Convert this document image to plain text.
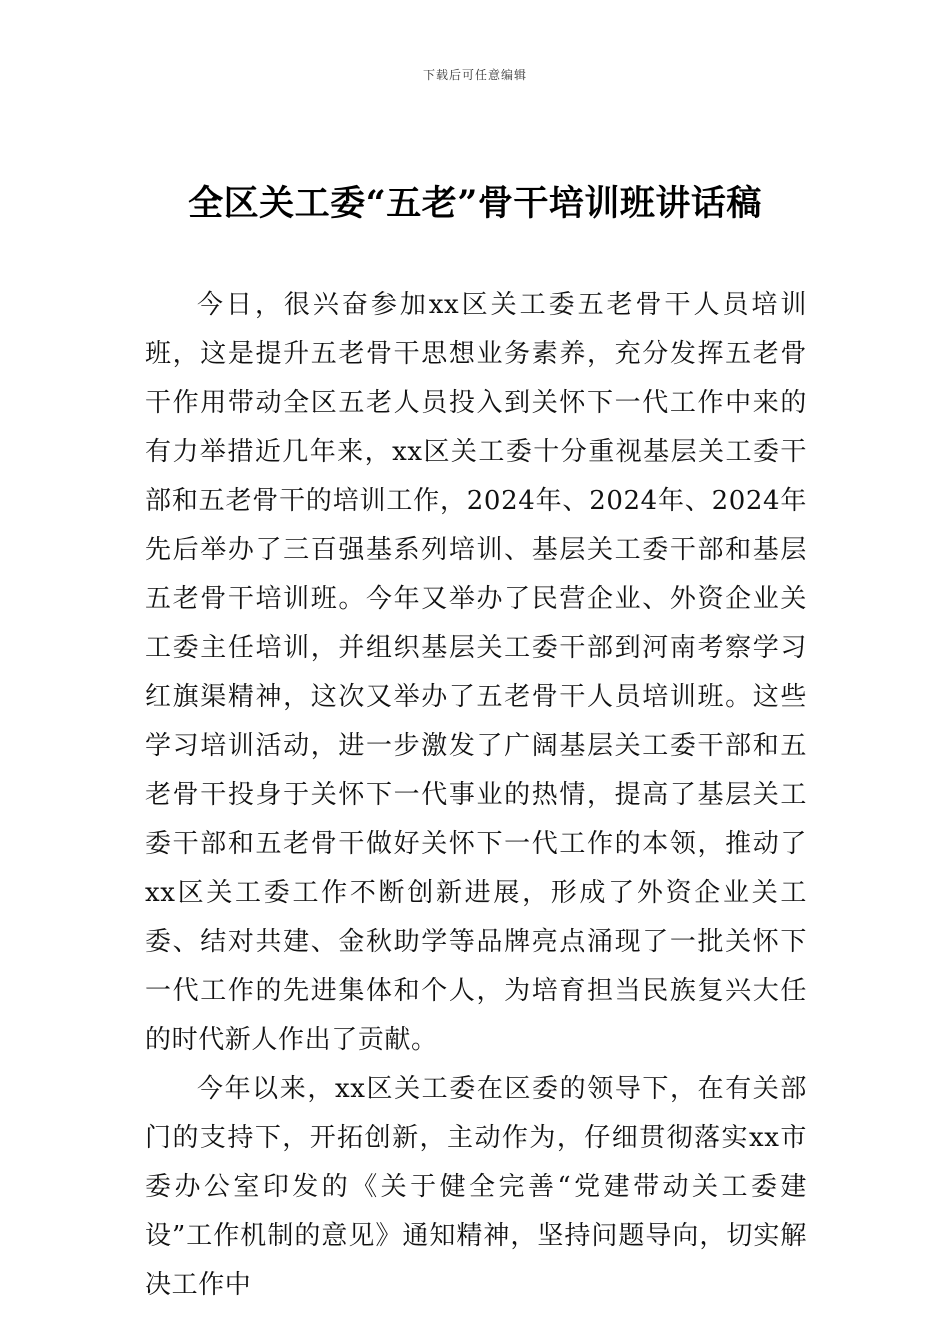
下载后可任意编辑
全区关工委“五老”骨干培训班讲话稿

今日，很兴奋参加xx区关工委五老骨干人员培训班，这是提升五老骨干思想业务素养，充分发挥五老骨干作用带动全区五老人员投入到关怀下一代工作中来的有力举措近几年来，xx区关工委十分重视基层关工委干部和五老骨干的培训工作，2024年、2024年、2024年先后举办了三百强基系列培训、基层关工委干部和基层五老骨干培训班。今年又举办了民营企业、外资企业关工委主任培训，并组织基层关工委干部到河南考察学习红旗渠精神，这次又举办了五老骨干人员培训班。这些学习培训活动，进一步激发了广阔基层关工委干部和五老骨干投身于关怀下一代事业的热情，提高了基层关工委干部和五老骨干做好关怀下一代工作的本领，推动了xx区关工委工作不断创新进展，形成了外资企业关工委、结对共建、金秋助学等品牌亮点涌现了一批关怀下一代工作的先进集体和个人，为培育担当民族复兴大任的时代新人作出了贡献。

今年以来，xx区关工委在区委的领导下，在有关部门的支持下，开拓创新，主动作为，仔细贯彻落实xx市委办公室印发的《关于健全完善“党建带动关工委建设”工作机制的意见》通知精神，坚持问题导向，切实解决工作中
